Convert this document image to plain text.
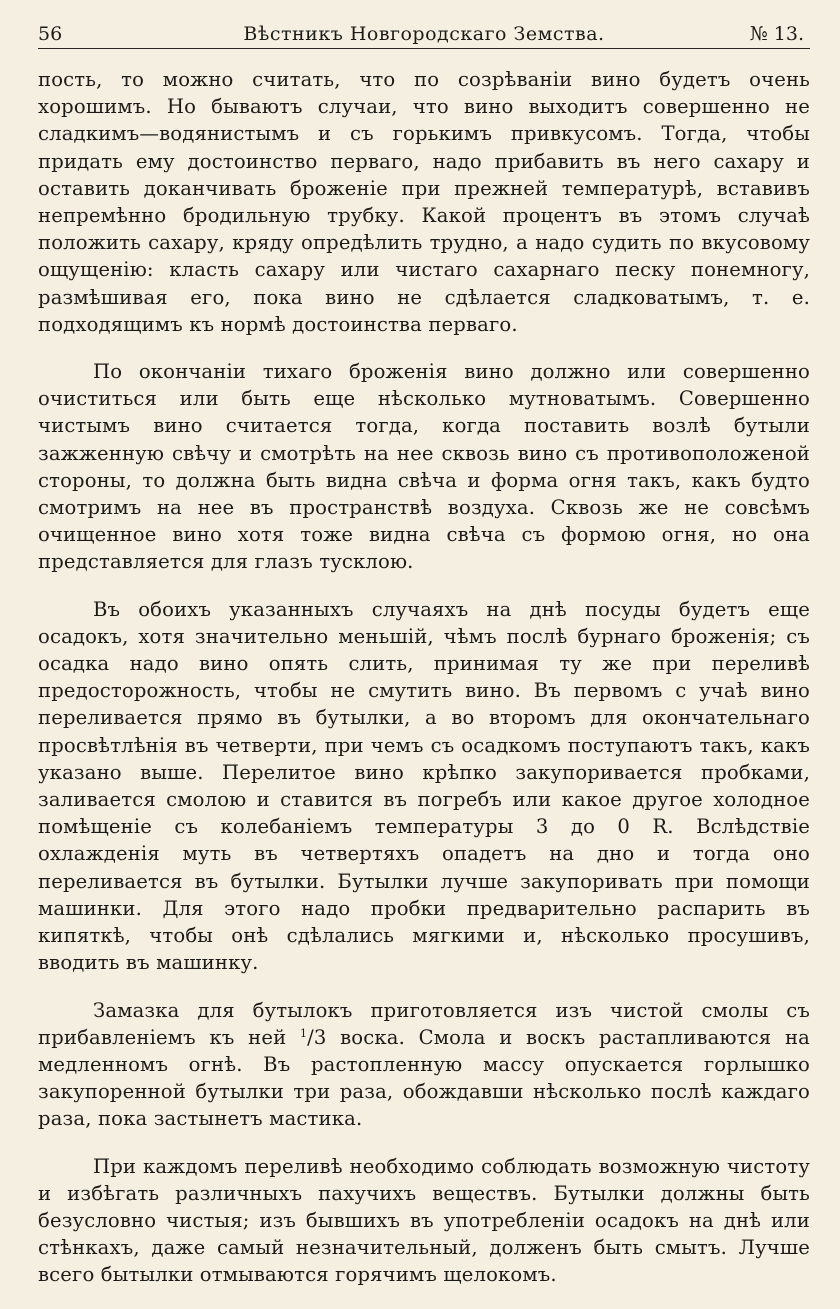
56	Вѣстникъ Новгородскаго Земства.	№ 13.

пость, то можно считать, что по созрѣваніи вино будетъ очень хорошимъ. Но бываютъ случаи, что вино выходитъ совершенно не сладкимъ—водянистымъ и съ горькимъ привкусомъ. Тогда, чтобы придать ему достоинство перваго, надо прибавить въ него сахару и оставить доканчивать броженіе при прежней температурѣ, вставивъ непремѣнно бродильную трубку. Какой процентъ въ этомъ случаѣ положить сахару, кряду опредѣлить трудно, а надо судить по вкусовому ощущенію: класть сахару или чистаго сахарнаго песку понемногу, размѣшивая его, пока вино не сдѣлается сладковатымъ, т. е. подходящимъ къ нормѣ достоинства перваго.

По окончаніи тихаго броженія вино должно или совершенно очиститься или быть еще нѣсколько мутноватымъ. Совершенно чистымъ вино считается тогда, когда поставить возлѣ бутыли зажженную свѣчу и смотрѣть на нее сквозь вино съ противоположеной стороны, то должна быть видна свѣча и форма огня такъ, какъ будто смотримъ на нее въ пространствѣ воздуха. Сквозь же не совсѣмъ очищенное вино хотя тоже видна свѣча съ формою огня, но она представляется для глазъ тусклою.

Въ обоихъ указанныхъ случаяхъ на днѣ посуды будетъ еще осадокъ, хотя значительно меньшій, чѣмъ послѣ бурнаго броженія; съ осадка надо вино опять слить, принимая ту же при переливѣ предосторожность, чтобы не смутить вино. Въ первомъ с учаѣ вино переливается прямо въ бутылки, а во второмъ для окончательнаго просвѣтлѣнія въ четверти, при чемъ съ осадкомъ поступаютъ такъ, какъ указано выше. Перелитое вино крѣпко закупоривается пробками, заливается смолою и ставится въ погребъ или какое другое холодное помѣщеніе съ колебаніемъ температуры 3 до 0 R. Вслѣдствіе охлажденія муть въ четвертяхъ опадетъ на дно и тогда оно переливается въ бутылки. Бутылки лучше закупоривать при помощи машинки. Для этого надо пробки предварительно распарить въ кипяткѣ, чтобы онѣ сдѣлались мягкими и, нѣсколько просушивъ, вводить въ машинку.

Замазка для бутылокъ приготовляется изъ чистой смолы съ прибавленіемъ къ ней $^1$/3 воска. Смола и воскъ растапливаются на медленномъ огнѣ. Въ растопленную массу опускается горлышко закупоренной бутылки три раза, обождавши нѣсколько послѣ каждаго раза, пока застынетъ мастика.

При каждомъ переливѣ необходимо соблюдать возможную чистоту и избѣгать различныхъ пахучихъ веществъ. Бутылки должны быть безусловно чистыя; изъ бывшихъ въ употребленіи осадокъ на днѣ или стѣнкахъ, даже самый незначительный, долженъ быть смытъ. Лучше всего бытылки отмываются горячимъ щелокомъ.
